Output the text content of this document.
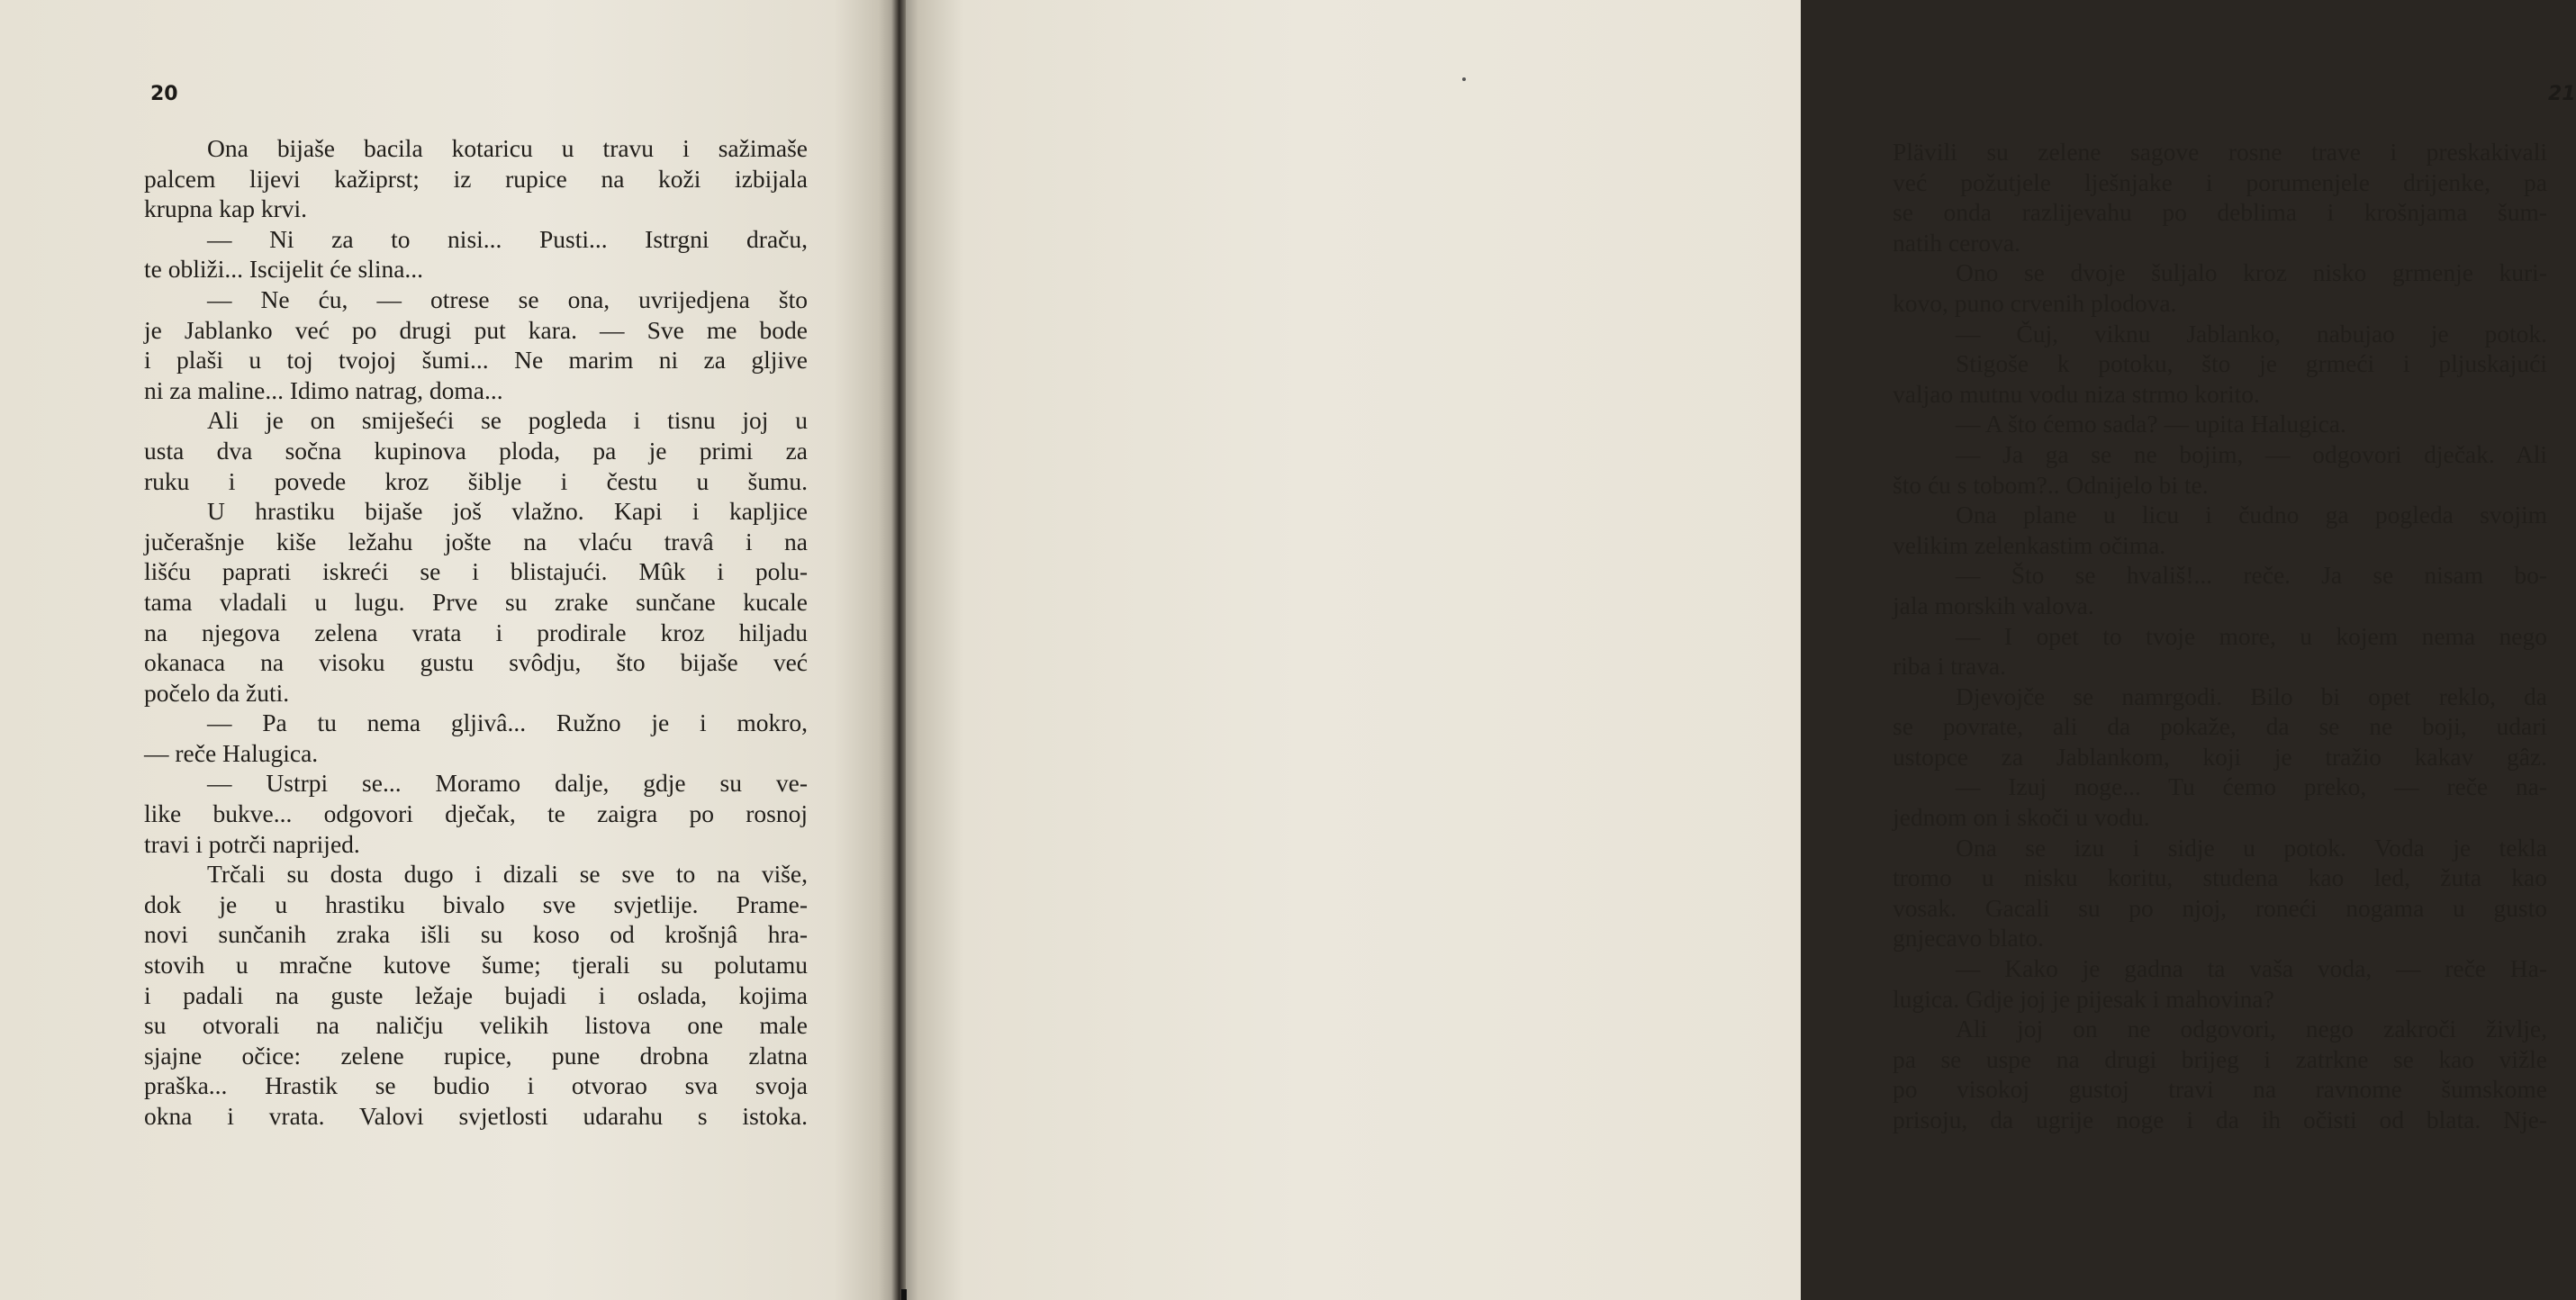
20
Ona bijaše bacila kotaricu u travu i sažimaše
palcem lijevi kažiprst; iz rupice na koži izbijala
krupna kap krvi.
— Ni za to nisi... Pusti... Istrgni draču,
te obliži... Iscijelit će slina...
— Ne ću, — otrese se ona, uvrijedjena što
je Jablanko već po drugi put kara. — Sve me bode
i plaši u toj tvojoj šumi... Ne marim ni za gljive
ni za maline... Idimo natrag, doma...
Ali je on smiješeći se pogleda i tisnu joj u
usta dva sočna kupinova ploda, pa je primi za
ruku i povede kroz šiblje i čestu u šumu.
U hrastiku bijaše još vlažno. Kapi i kapljice
jučerašnje kiše ležahu jošte na vlaću travâ i na
lišću paprati iskreći se i blistajući. Mûk i polu-
tama vladali u lugu. Prve su zrake sunčane kucale
na njegova zelena vrata i prodirale kroz hiljadu
okanaca na visoku gustu svôdju, što bijaše već
počelo da žuti.
— Pa tu nema gljivâ... Ružno je i mokro,
— reče Halugica.
— Ustrpi se... Moramo dalje, gdje su ve-
like bukve... odgovori dječak, te zaigra po rosnoj
travi i potrči naprijed.
Trčali su dosta dugo i dizali se sve to na više,
dok je u hrastiku bivalo sve svjetlije. Prame-
novi sunčanih zraka išli su koso od krošnjâ hra-
stovih u mračne kutove šume; tjerali su polutamu
i padali na guste ležaje bujadi i oslada, kojima
su otvorali na naličju velikih listova one male
sjajne očice: zelene rupice, pune drobna zlatna
praška... Hrastik se budio i otvorao sva svoja
okna i vrata. Valovi svjetlosti udarahu s istoka.
21
Plävili su zelene sagove rosne trave i preskakivali
već požutjele lješnjake i porumenjele drijenke, pa
se onda razlijevahu po deblima i krošnjama šum-
natih cerova.
Ono se dvoje šuljalo kroz nisko grmenje kuri-
kovo, puno crvenih plodova.
— Čuj, viknu Jablanko, nabujao je potok.
Stigoše k potoku, što je grmeći i pljuskajući
valjao mutnu vodu niza strmo korito.
— A što ćemo sada? — upita Halugica.
— Ja ga se ne bojim, — odgovori dječak. Ali
što ću s tobom?.. Odnijelo bi te.
Ona plane u licu i čudno ga pogleda svojim
velikim zelenkastim očima.
— Što se hvališ!... reče. Ja se nisam bo-
jala morskih valova.
— I opet to tvoje more, u kojem nema nego
riba i trava.
Djevojče se namrgodi. Bilo bi opet reklo, da
se povrate, ali da pokaže, da se ne boji, udari
ustopce za Jablankom, koji je tražio kakav gâz.
— Izuj noge... Tu ćemo preko, — reče na-
jednom on i skoči u vodu.
Ona se izu i sidje u potok. Voda je tekla
tromo u nisku koritu, studena kao led, žuta kao
vosak. Gacali su po njoj, roneći nogama u gusto
gnjecavo blato.
— Kako je gadna ta vaša voda, — reče Ha-
lugica. Gdje joj je pijesak i mahovina?
Ali joj on ne odgovori, nego zakroči življe,
pa se uspe na drugi brijeg i zatrkne se kao vižle
po visokoj gustoj travi na ravnome šumskome
prisoju, da ugrije noge i da ih očisti od blata. Nje-
